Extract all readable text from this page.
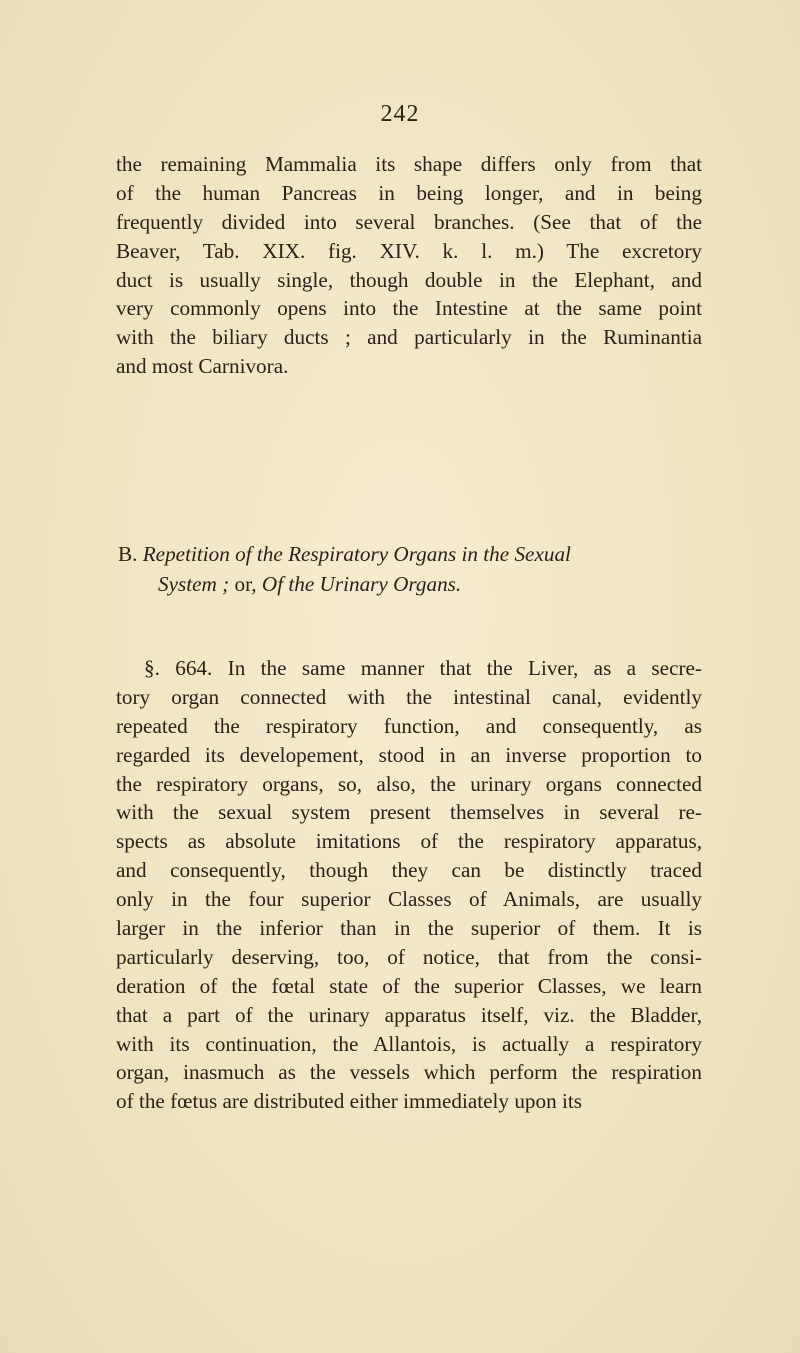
242
the remaining Mammalia its shape differs only from that
of the human Pancreas in being longer, and in being
frequently divided into several branches. (See that of the
Beaver, Tab. XIX. fig. XIV. k. l. m.) The excretory
duct is usually single, though double in the Elephant, and
very commonly opens into the Intestine at the same point
with the biliary ducts ; and particularly in the Ruminantia
and most Carnivora.
B. Repetition of the Respiratory Organs in the Sexual
System ; or, Of the Urinary Organs.
§. 664. In the same manner that the Liver, as a secre-
tory organ connected with the intestinal canal, evidently
repeated the respiratory function, and consequently, as
regarded its developement, stood in an inverse proportion to
the respiratory organs, so, also, the urinary organs connected
with the sexual system present themselves in several re-
spects as absolute imitations of the respiratory apparatus,
and consequently, though they can be distinctly traced
only in the four superior Classes of Animals, are usually
larger in the inferior than in the superior of them. It is
particularly deserving, too, of notice, that from the consi-
deration of the fœtal state of the superior Classes, we learn
that a part of the urinary apparatus itself, viz. the Bladder,
with its continuation, the Allantois, is actually a respiratory
organ, inasmuch as the vessels which perform the respiration
of the fœtus are distributed either immediately upon its
